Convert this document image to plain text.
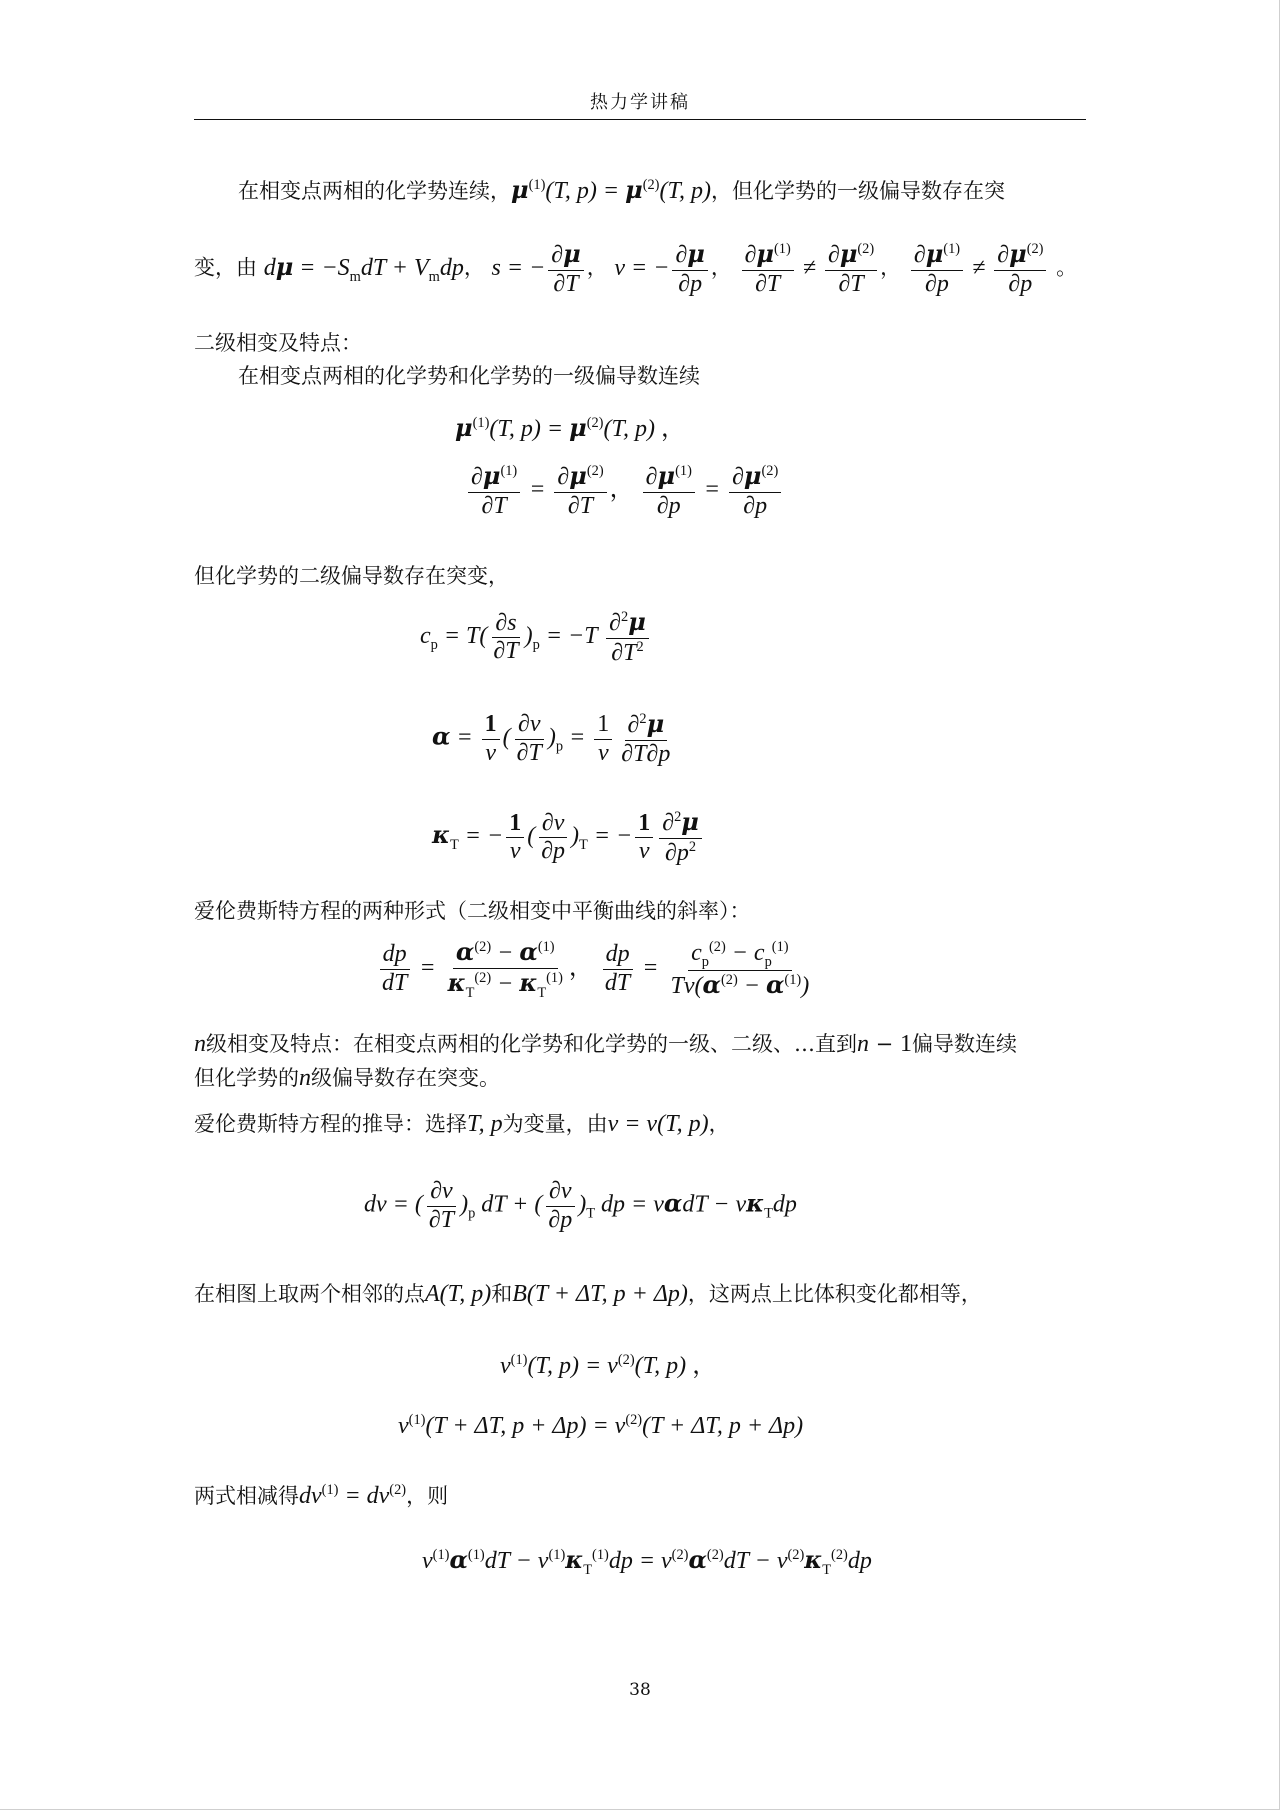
热力学讲稿
在相变点两相的化学势连续，$\mu^{(1)}(T$, $p) = \mu^{(2)}(T$, p)，但化学势的一级偏导数存在突
变，由 $d\mu = -S_mdT + V_mdp$， s = − $\frac{\partial\mu}{\partial T}$ ， v = − $\frac{\partial\mu}{\partial p}$ ， $\frac{\partial\mu^{(1)}}{\partial T} \ne \frac{\partial\mu^{(2)}}{\partial T}$ ， $\frac{\partial\mu^{(1)}}{\partial p} \ne \frac{\partial\mu^{(2)}}{\partial p}$ 。
二级相变及特点：
在相变点两相的化学势和化学势的一级偏导数连续
$\mu^{(1)}(T$, $p) = \mu^{(2)}(T$, p) ，
$\frac{\partial\mu^{(1)}}{\partial T} = \frac{\partial\mu^{(2)}}{\partial T}$ ， $\frac{\partial\mu^{(1)}}{\partial p} = \frac{\partial\mu^{(2)}}{\partial p}$
但化学势的二级偏导数存在突变，
$c_p = T( \frac{\partial s}{\partial T} )_p = -T \frac{\partial^2\mu}{\partial T^2}$
$\alpha = \frac{1}{v}$ ( $\frac{\partial v}{\partial T} )_p = \frac{1}{v} \frac{\partial^2\mu}{\partial T\partial p}$
$\kappa_T$ = − $\frac{1}{v}$ ( $\frac{\partial v}{\partial p} )_T$ = − $\frac{1}{v} \frac{\partial^2\mu}{\partial p^2}$
爱伦费斯特方程的两种形式（二级相变中平衡曲线的斜率）：
$\frac{dp}{dT} = \frac{\alpha^{(2)} - \alpha^{(1)}}{\kappa_T^{(2)} - \kappa_T^{(1)}}$ ， $\frac{dp}{dT} = \frac{c_p^{(2)} - c_p^{(1)}}{Tv(\alpha^{(2)} - \alpha^{(1)})}$
n级相变及特点：在相变点两相的化学势和化学势的一级、二级、…直到n − 1偏导数连续
但化学势的n级偏导数存在突变。
爱伦费斯特方程的推导：选择T, p为变量，由v = v(T, p)，
dv = ( $\frac{\partial v}{\partial T} )_p$ dT + ( $\frac{\partial v}{\partial p} )_T$ dp = $v\alpha dT - v\kappa_Tdp$
在相图上取两个相邻的点A(T, p)和B(T + ΔT, p + Δp)，这两点上比体积变化都相等，
$v^{(1)}(T$, $p) = v^{(2)}(T$, p) ，
$v^{(1)}(T + \Delta T$, $p + \Delta p) = v^{(2)}(T + \Delta T$, p + Δp)
两式相减得$dv^{(1)} = dv^{(2)}$，则
$v^{(1)}\alpha^{(1)}dT - v^{(1)}\kappa_T^{(1)}dp = v^{(2)}\alpha^{(2)}dT - v^{(2)}\kappa_T^{(2)}dp$
38
